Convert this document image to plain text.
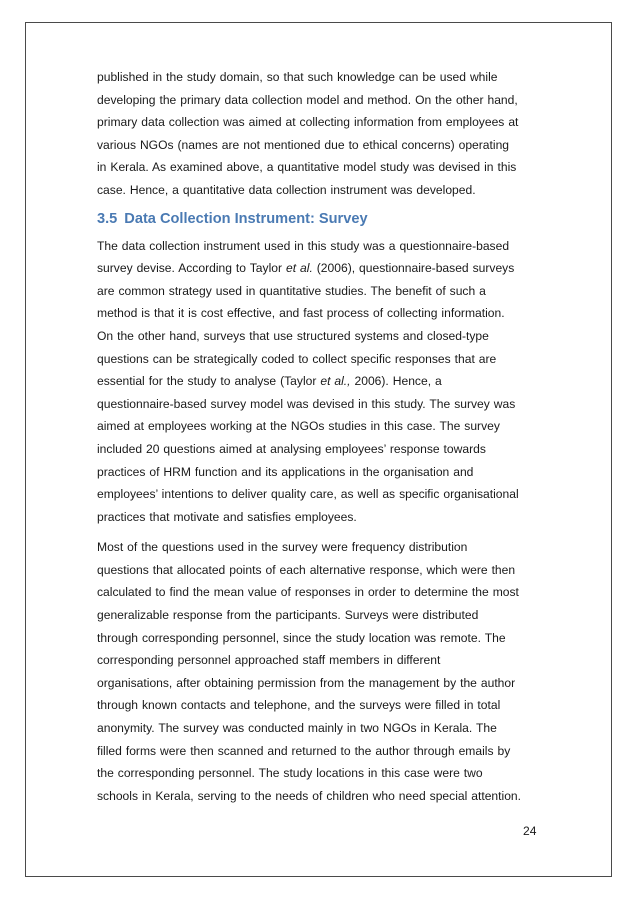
published in the study domain, so that such knowledge can be used while
developing the primary data collection model and method. On the other hand,
primary data collection was aimed at collecting information from employees at
various NGOs (names are not mentioned due to ethical concerns) operating
in Kerala. As examined above, a quantitative model study was devised in this
case. Hence, a quantitative data collection instrument was developed.

3.5 Data Collection Instrument: Survey

The data collection instrument used in this study was a questionnaire-based
survey devise. According to Taylor et al. (2006), questionnaire-based surveys
are common strategy used in quantitative studies. The benefit of such a
method is that it is cost effective, and fast process of collecting information.
On the other hand, surveys that use structured systems and closed-type
questions can be strategically coded to collect specific responses that are
essential for the study to analyse (Taylor et al., 2006). Hence, a
questionnaire-based survey model was devised in this study. The survey was
aimed at employees working at the NGOs studies in this case. The survey
included 20 questions aimed at analysing employees’ response towards
practices of HRM function and its applications in the organisation and
employees’ intentions to deliver quality care, as well as specific organisational
practices that motivate and satisfies employees.

Most of the questions used in the survey were frequency distribution
questions that allocated points of each alternative response, which were then
calculated to find the mean value of responses in order to determine the most
generalizable response from the participants. Surveys were distributed
through corresponding personnel, since the study location was remote. The
corresponding personnel approached staff members in different
organisations, after obtaining permission from the management by the author
through known contacts and telephone, and the surveys were filled in total
anonymity. The survey was conducted mainly in two NGOs in Kerala. The
filled forms were then scanned and returned to the author through emails by
the corresponding personnel. The study locations in this case were two
schools in Kerala, serving to the needs of children who need special attention.

24
